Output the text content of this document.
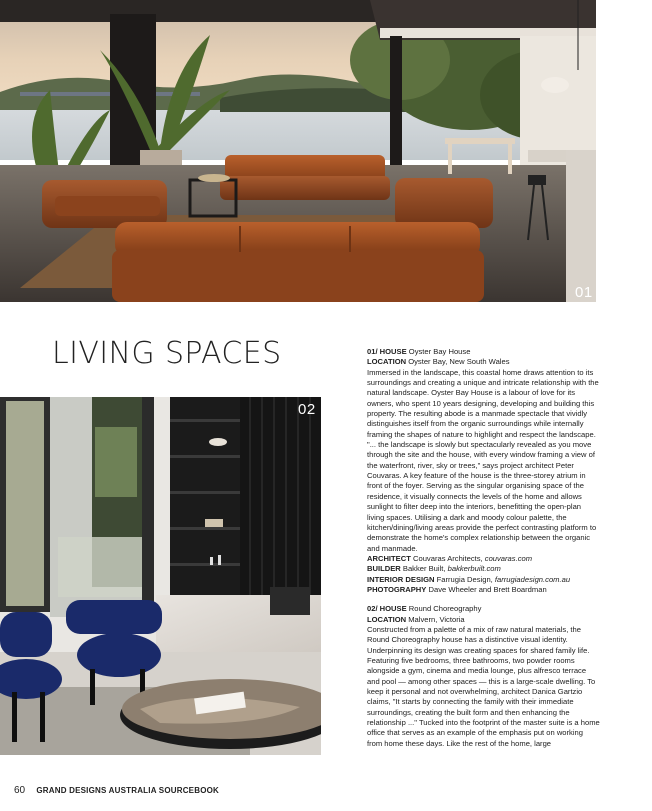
01
LIVING SPACES
02

01/ HOUSE Oyster Bay House

LOCATION Oyster Bay, New South Wales

Immersed in the landscape, this coastal home draws attention to its surroundings and creating a unique and intricate relationship with the natural landscape. Oyster Bay House is a labour of love for its owners, who spent 10 years designing, developing and building this property. The resulting abode is a manmade spectacle that vividly distinguishes itself from the organic surroundings while internally framing the shapes of nature to highlight and respect the landscape. "... the landscape is slowly but spectacularly revealed as you move through the site and the house, with every window framing a view of the waterfront, river, sky or trees," says project architect Peter Couvaras. A key feature of the house is the three-storey atrium in front of the foyer. Serving as the singular organising space of the residence, it visually connects the levels of the home and allows sunlight to filter deep into the interiors, benefitting the open-plan living spaces. Utilising a dark and moody colour palette, the kitchen/dining/living areas provide the perfect contrasting platform to demonstrate the home's complex relationship between the organic and manmade.

ARCHITECT Couvaras Architects, couvaras.com

BUILDER Bakker Built, bakkerbuilt.com

INTERIOR DESIGN Farrugia Design, farrugiadesign.com.au

PHOTOGRAPHY Dave Wheeler and Brett Boardman

02/ HOUSE Round Choreography

LOCATION Malvern, Victoria

Constructed from a palette of a mix of raw natural materials, the Round Choreography house has a distinctive visual identity. Underpinning its design was creating spaces for shared family life. Featuring five bedrooms, three bathrooms, two powder rooms alongside a gym, cinema and media lounge, plus alfresco terrace and pool — among other spaces — this is a large-scale dwelling. To keep it personal and not overwhelming, architect Danica Gartzio claims, "It starts by connecting the family with their immediate surroundings, creating the built form and then enhancing the relationship ..." Tucked into the footprint of the master suite is a home office that serves as an example of the emphasis put on working from home these days. Like the rest of the home, large

60 GRAND DESIGNS AUSTRALIA SOURCEBOOK
